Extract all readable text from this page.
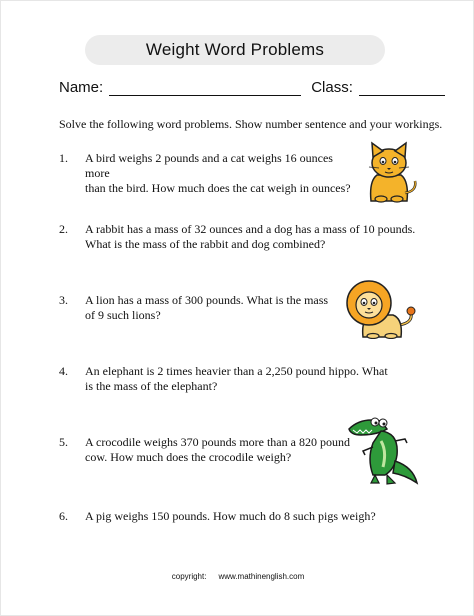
Weight Word Problems
Name:	Class:
Solve the following word problems. Show number sentence and your workings.
1.	A bird weighs 2 pounds and a cat weighs 16 ounces more
than the bird. How much does the cat weigh in ounces?
2.	A rabbit has a mass of 32 ounces and a dog has a mass of 10 pounds.
What is the mass of the rabbit and dog combined?
3.	A lion has a mass of 300 pounds. What is the mass
of 9 such lions?
4.	An elephant is 2 times heavier than a 2,250 pound hippo. What
is the mass of the elephant?
5.	A crocodile weighs 370 pounds more than a 820 pound
cow. How much does the crocodile weigh?
6.	A pig weighs 150 pounds. How much do 8 such pigs weigh?
copyright: www.mathinenglish.com
